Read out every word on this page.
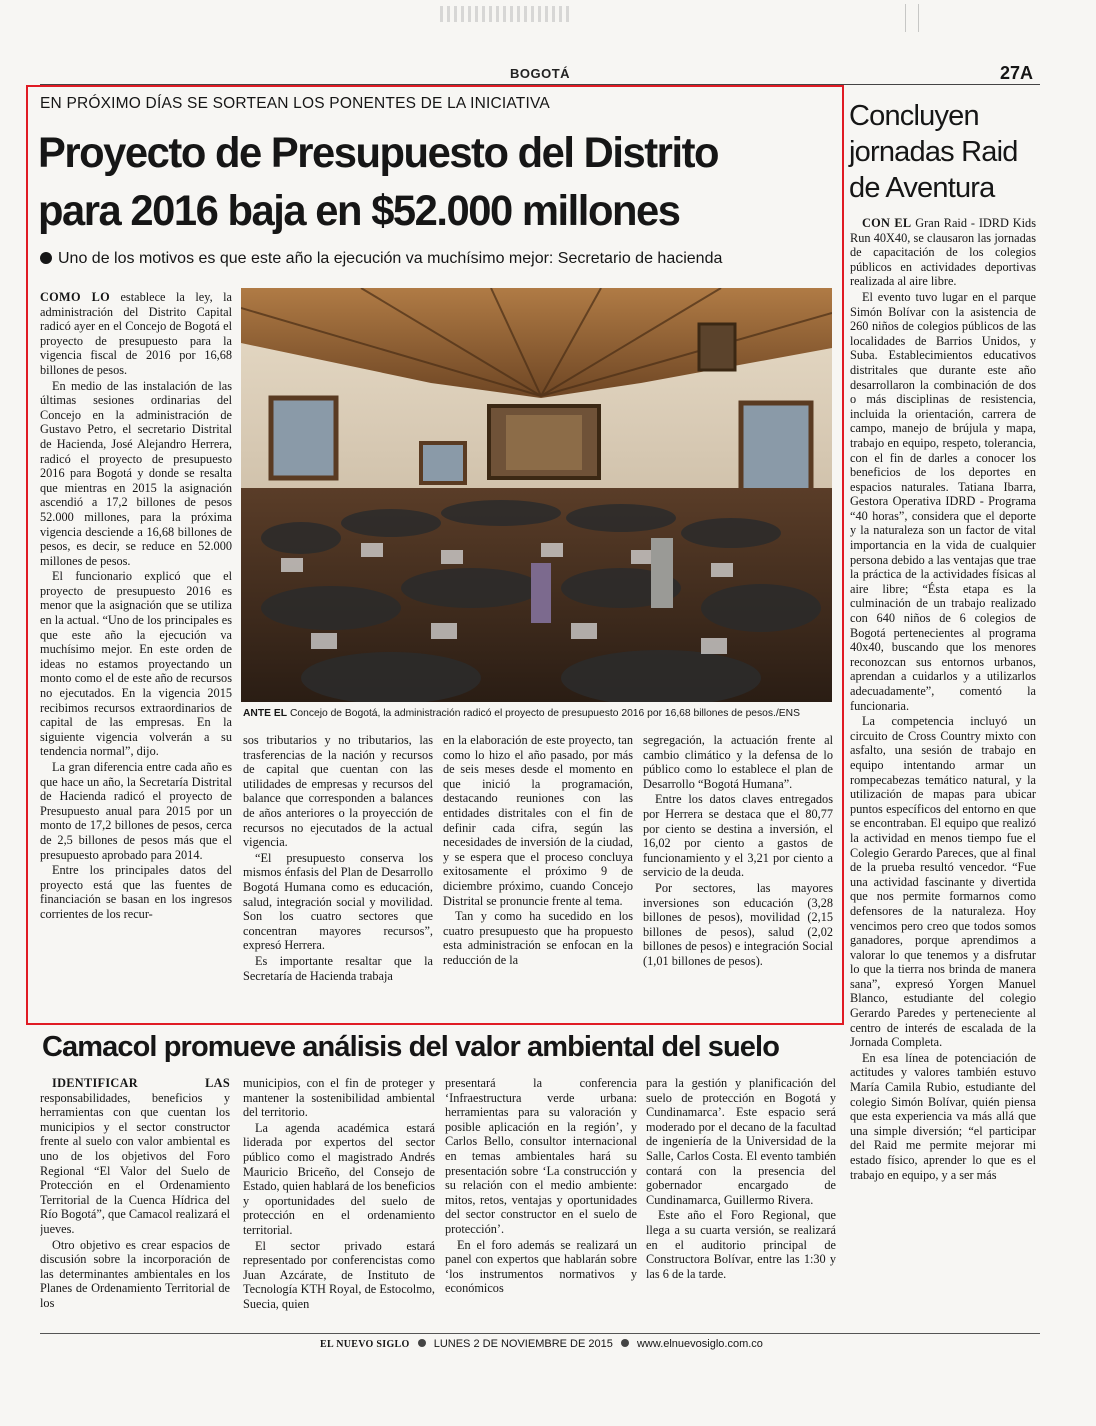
BOGOTÁ	27A
EN PRÓXIMO DÍAS SE SORTEAN LOS PONENTES DE LA INICIATIVA
Proyecto de Presupuesto del Distrito
para 2016 baja en $52.000 millones
Uno de los motivos es que este año la ejecución va muchísimo mejor: Secretario de hacienda

COMO LO establece la ley, la administración del Distrito Capital radicó ayer en el Concejo de Bogotá el proyecto de presupuesto para la vigencia fiscal de 2016 por 16,68 billones de pesos.

En medio de las instalación de las últimas sesiones ordinarias del Concejo en la administración de Gustavo Petro, el secretario Distrital de Hacienda, José Alejandro Herrera, radicó el proyecto de presupuesto 2016 para Bogotá y donde se resalta que mientras en 2015 la asignación ascendió a 17,2 billones de pesos 52.000 millones, para la próxima vigencia desciende a 16,68 billones de pesos, es decir, se reduce en 52.000 millones de pesos.

El funcionario explicó que el proyecto de presupuesto 2016 es menor que la asignación que se utiliza en la actual. “Uno de los principales es que este año la ejecución va muchísimo mejor. En este orden de ideas no estamos proyectando un monto como el de este año de recursos no ejecutados. En la vigencia 2015 recibimos recursos extraordinarios de capital de las empresas. En la siguiente vigencia volverán a su tendencia normal”, dijo.

La gran diferencia entre cada año es que hace un año, la Secretaría Distrital de Hacienda radicó el proyecto de Presupuesto anual para 2015 por un monto de 17,2 billones de pesos, cerca de 2,5 billones de pesos más que el presupuesto aprobado para 2014.

Entre los principales datos del proyecto está que las fuentes de financiación se basan en los ingresos corrientes de los recur-

ANTE EL Concejo de Bogotá, la administración radicó el proyecto de presupuesto 2016 por 16,68 billones de pesos./ENS

sos tributarios y no tributarios, las trasferencias de la nación y recursos de capital que cuentan con las utilidades de empresas y recursos del balance que corresponden a balances de años anteriores o la proyección de recursos no ejecutados de la actual vigencia.

“El presupuesto conserva los mismos énfasis del Plan de Desarrollo Bogotá Humana como es educación, salud, integración social y movilidad. Son los cuatro sectores que concentran mayores recursos”, expresó Herrera.

Es importante resaltar que la Secretaría de Hacienda trabaja

en la elaboración de este proyecto, tan como lo hizo el año pasado, por más de seis meses desde el momento en que inició la programación, destacando reuniones con las entidades distritales con el fin de definir cada cifra, según las necesidades de inversión de la ciudad, y se espera que el proceso concluya exitosamente el próximo 9 de diciembre próximo, cuando Concejo Distrital se pronuncie frente al tema.

Tan y como ha sucedido en los cuatro presupuesto que ha propuesto esta administración se enfocan en la reducción de la

segregación, la actuación frente al cambio climático y la defensa de lo público como lo establece el plan de Desarrollo “Bogotá Humana”.

Entre los datos claves entregados por Herrera se destaca que el 80,77 por ciento se destina a inversión, el 16,02 por ciento a gastos de funcionamiento y el 3,21 por ciento a servicio de la deuda.

Por sectores, las mayores inversiones son educación (3,28 billones de pesos), movilidad (2,15 billones de pesos), salud (2,02 billones de pesos) e integración Social (1,01 billones de pesos).

Concluyen
jornadas Raid
de Aventura

CON EL Gran Raid - IDRD Kids Run 40X40, se clausaron las jornadas de capacitación de los colegios públicos en actividades deportivas realizada al aire libre.

El evento tuvo lugar en el parque Simón Bolívar con la asistencia de 260 niños de colegios públicos de las localidades de Barrios Unidos, y Suba. Establecimientos educativos distritales que durante este año desarrollaron la combinación de dos o más disciplinas de resistencia, incluida la orientación, carrera de campo, manejo de brújula y mapa, trabajo en equipo, respeto, tolerancia, con el fin de darles a conocer los beneficios de los deportes en espacios naturales. Tatiana Ibarra, Gestora Operativa IDRD - Programa “40 horas”, considera que el deporte y la naturaleza son un factor de vital importancia en la vida de cualquier persona debido a las ventajas que trae la práctica de la actividades físicas al aire libre; “Ésta etapa es la culminación de un trabajo realizado con 640 niños de 6 colegios de Bogotá pertenecientes al programa 40x40, buscando que los menores reconozcan sus entornos urbanos, aprendan a cuidarlos y a utilizarlos adecuadamente”, comentó la funcionaria.

La competencia incluyó un circuito de Cross Country mixto con asfalto, una sesión de trabajo en equipo intentando armar un rompecabezas temático natural, y la utilización de mapas para ubicar puntos específicos del entorno en que se encontraban. El equipo que realizó la actividad en menos tiempo fue el Colegio Gerardo Pareces, que al final de la prueba resultó vencedor. “Fue una actividad fascinante y divertida que nos permite formarnos como defensores de la naturaleza. Hoy vencimos pero creo que todos somos ganadores, porque aprendimos a valorar lo que tenemos y a disfrutar lo que la tierra nos brinda de manera sana”, expresó Yorgen Manuel Blanco, estudiante del colegio Gerardo Paredes y perteneciente al centro de interés de escalada de la Jornada Completa.

En esa línea de potenciación de actitudes y valores también estuvo María Camila Rubio, estudiante del colegio Simón Bolívar, quién piensa que esta experiencia va más allá que una simple diversión; “el participar del Raid me permite mejorar mi estado físico, aprender lo que es el trabajo en equipo, y a ser más

Camacol promueve análisis del valor ambiental del suelo

IDENTIFICAR LAS responsabilidades, beneficios y herramientas con que cuentan los municipios y el sector constructor frente al suelo con valor ambiental es uno de los objetivos del Foro Regional “El Valor del Suelo de Protección en el Ordenamiento Territorial de la Cuenca Hídrica del Río Bogotá”, que Camacol realizará el jueves.

Otro objetivo es crear espacios de discusión sobre la incorporación de las determinantes ambientales en los Planes de Ordenamiento Territorial de los

municipios, con el fin de proteger y mantener la sostenibilidad ambiental del territorio.

La agenda académica estará liderada por expertos del sector público como el magistrado Andrés Mauricio Briceño, del Consejo de Estado, quien hablará de los beneficios y oportunidades del suelo de protección en el ordenamiento territorial.

El sector privado estará representado por conferencistas como Juan Azcárate, de Instituto de Tecnología KTH Royal, de Estocolmo, Suecia, quien

presentará la conferencia ‘Infraestructura verde urbana: herramientas para su valoración y posible aplicación en la región’, y Carlos Bello, consultor internacional en temas ambientales hará su presentación sobre ‘La construcción y su relación con el medio ambiente: mitos, retos, ventajas y oportunidades del sector constructor en el suelo de protección’.

En el foro además se realizará un panel con expertos que hablarán sobre ‘los instrumentos normativos y económicos

para la gestión y planificación del suelo de protección en Bogotá y Cundinamarca’. Este espacio será moderado por el decano de la facultad de ingeniería de la Universidad de la Salle, Carlos Costa. El evento también contará con la presencia del gobernador encargado de Cundinamarca, Guillermo Rivera.

Este año el Foro Regional, que llega a su cuarta versión, se realizará en el auditorio principal de Constructora Bolívar, entre las 1:30 y las 6 de la tarde.

EL NUEVO SIGLO LUNES 2 DE NOVIEMBRE DE 2015 www.elnuevosiglo.com.co
